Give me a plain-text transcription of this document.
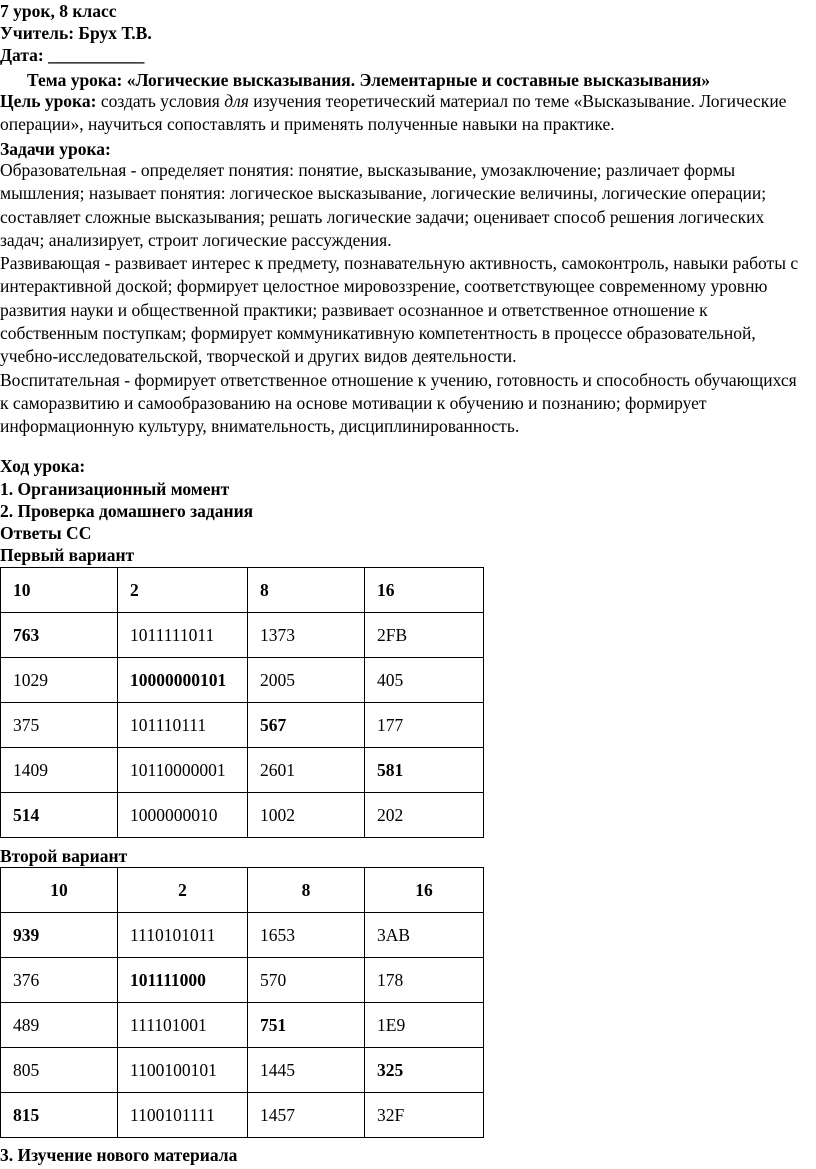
7 урок, 8 класс
Учитель: Брух Т.В.
Дата: ___________
Тема урока: «Логические высказывания. Элементарные и составные высказывания»

Цель урока: создать условия для изучения теоретический материал по теме «Высказывание. Логические операции», научиться сопоставлять и применять полученные навыки на практике.

Задачи урока:

Образовательная - определяет понятия: понятие, высказывание, умозаключение; различает формы мышления; называет понятия: логическое высказывание, логические величины, логические операции; составляет сложные высказывания; решать логические задачи; оценивает способ решения логических задач; анализирует, строит логические рассуждения.

Развивающая - развивает интерес к предмету, познавательную активность, самоконтроль, навыки работы с интерактивной доской; формирует целостное мировоззрение, соответствующее современному уровню развития науки и общественной практики; развивает осознанное и ответственное отношение к собственным поступкам; формирует коммуникативную компетентность в процессе образовательной, учебно-исследовательской, творческой и других видов деятельности.

Воспитательная - формирует ответственное отношение к учению, готовность и способность обучающихся к саморазвитию и самообразованию на основе мотивации к обучению и познанию; формирует информационную культуру, внимательность, дисциплинированность.

Ход урока:
1. Организационный момент
2. Проверка домашнего задания
Ответы СС
Первый вариант
10	2	8	16
763	1011111011	1373	2FB
1029	10000000101	2005	405
375	101110111	567	177
1409	10110000001	2601	581
514	1000000010	1002	202
Второй вариант
10	2	8	16
939	1110101011	1653	3AB
376	101111000	570	178
489	111101001	751	1E9
805	1100100101	1445	325
815	1100101111	1457	32F
3. Изучение нового материала
